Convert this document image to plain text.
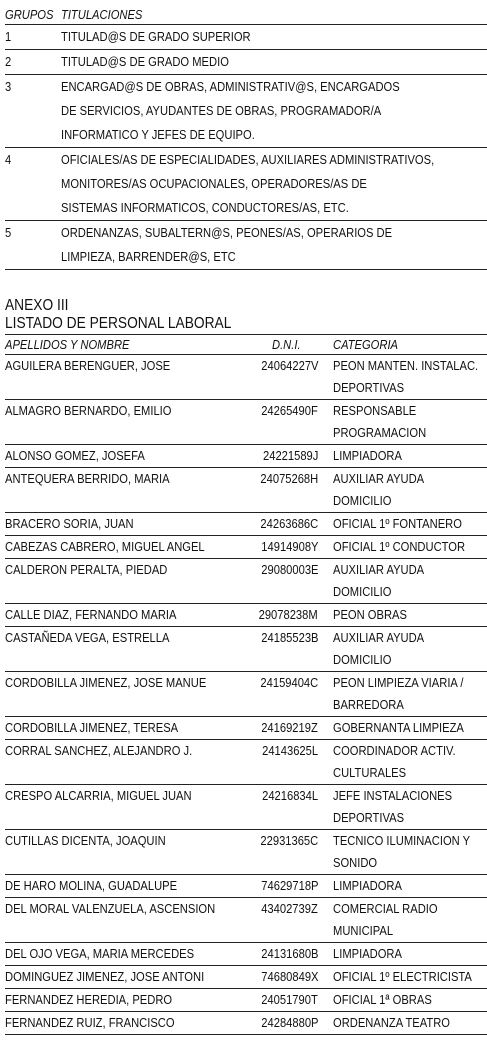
GRUPOS	TITULACIONES
1	TITULAD@S DE GRADO SUPERIOR

2	TITULAD@S DE GRADO MEDIO

3	ENCARGAD@S DE OBRAS, ADMINISTRATIV@S, ENCARGADOS
DE SERVICIOS, AYUDANTES DE OBRAS, PROGRAMADOR/A
INFORMATICO Y JEFES DE EQUIPO.

4	OFICIALES/AS DE ESPECIALIDADES, AUXILIARES ADMINISTRATIVOS,
MONITORES/AS OCUPACIONALES, OPERADORES/AS DE
SISTEMAS INFORMATICOS, CONDUCTORES/AS, ETC.

5	ORDENANZAS, SUBALTERN@S, PEONES/AS, OPERARIOS DE
LIMPIEZA, BARRENDER@S, ETC
ANEXO III
LISTADO DE PERSONAL LABORAL
APELLIDOS Y NOMBRE	D.N.I.	CATEGORIA
AGUILERA BERENGUER, JOSE	24064227V	PEON MANTEN. INSTALAC.
DEPORTIVAS

ALMAGRO BERNARDO, EMILIO	24265490F	RESPONSABLE
PROGRAMACION

ALONSO GOMEZ, JOSEFA	24221589J	LIMPIADORA

ANTEQUERA BERRIDO, MARIA	24075268H	AUXILIAR AYUDA
DOMICILIO

BRACERO SORIA, JUAN	24263686C	OFICIAL 1º FONTANERO

CABEZAS CABRERO, MIGUEL ANGEL	14914908Y	OFICIAL 1º CONDUCTOR

CALDERON PERALTA, PIEDAD	29080003E	AUXILIAR AYUDA
DOMICILIO

CALLE DIAZ, FERNANDO MARIA	29078238M	PEON OBRAS

CASTAÑEDA VEGA, ESTRELLA	24185523B	AUXILIAR AYUDA
DOMICILIO

CORDOBILLA JIMENEZ, JOSE MANUE	24159404C	PEON LIMPIEZA VIARIA /
BARREDORA

CORDOBILLA JIMENEZ, TERESA	24169219Z	GOBERNANTA LIMPIEZA

CORRAL SANCHEZ, ALEJANDRO J.	24143625L	COORDINADOR ACTIV.
CULTURALES

CRESPO ALCARRIA, MIGUEL JUAN	24216834L	JEFE INSTALACIONES
DEPORTIVAS

CUTILLAS DICENTA, JOAQUIN	22931365C	TECNICO ILUMINACION Y
SONIDO

DE HARO MOLINA, GUADALUPE	74629718P	LIMPIADORA

DEL MORAL VALENZUELA, ASCENSION	43402739Z	COMERCIAL RADIO
MUNICIPAL

DEL OJO VEGA, MARIA MERCEDES	24131680B	LIMPIADORA

DOMINGUEZ JIMENEZ, JOSE ANTONI	74680849X	OFICIAL 1º ELECTRICISTA

FERNANDEZ HEREDIA, PEDRO	24051790T	OFICIAL 1ª OBRAS

FERNANDEZ RUIZ, FRANCISCO	24284880P	ORDENANZA TEATRO
